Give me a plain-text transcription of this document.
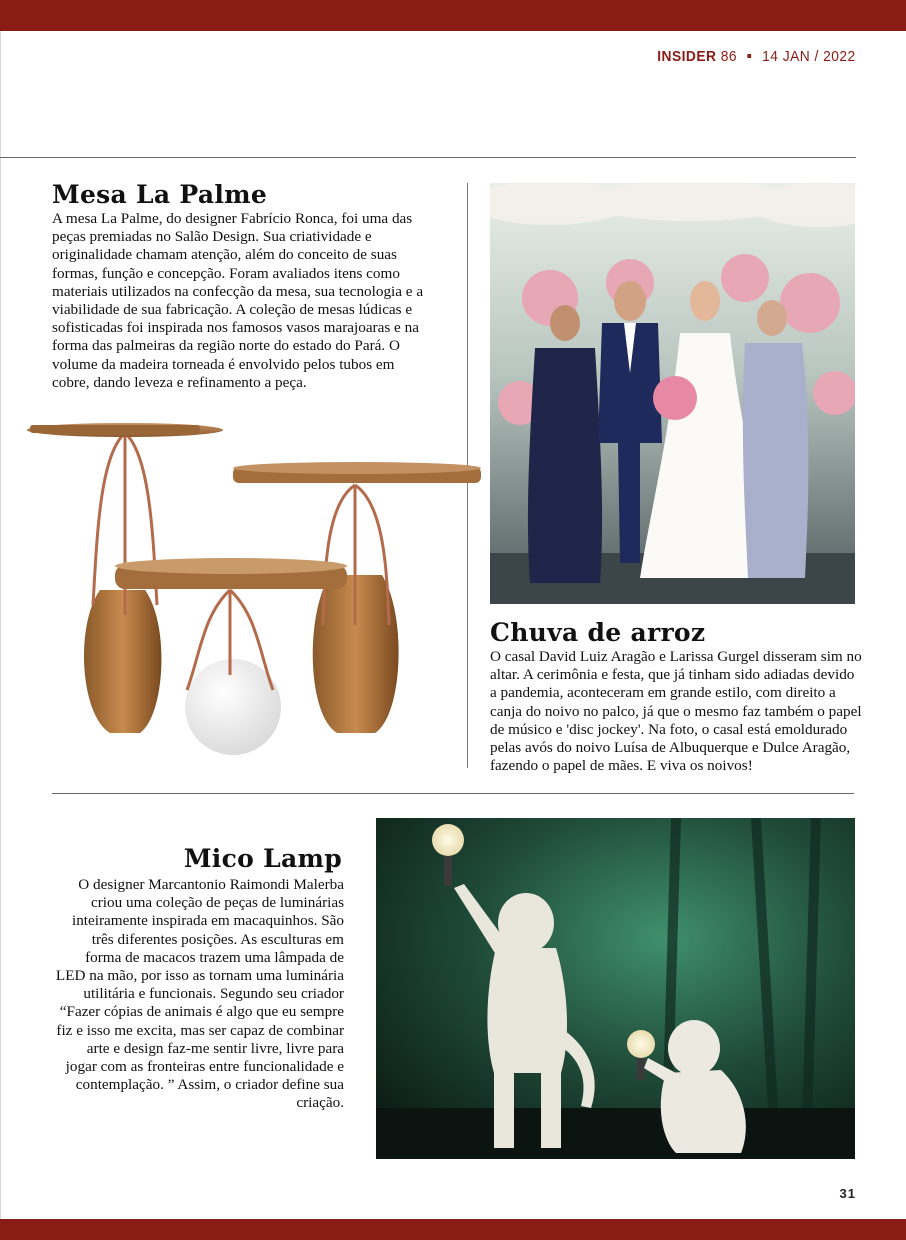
INSIDER 86 14 JAN / 2022
Mesa La Palme

A mesa La Palme, do designer Fabrício Ronca, foi uma das peças premiadas no Salão Design. Sua criatividade e originalidade chamam atenção, além do conceito de suas formas, função e concepção. Foram avaliados itens como materiais utilizados na confecção da mesa, sua tecnologia e a viabilidade de sua fabricação. A coleção de mesas lúdicas e sofisticadas foi inspirada nos famosos vasos marajoaras e na forma das palmeiras da região norte do estado do Pará. O volume da madeira torneada é envolvido pelos tubos em cobre, dando leveza e refinamento a peça.

Chuva de arroz

O casal David Luiz Aragão e Larissa Gurgel disseram sim no altar. A cerimônia e festa, que já tinham sido adiadas devido a pandemia, aconteceram em grande estilo, com direito a canja do noivo no palco, já que o mesmo faz também o papel de músico e 'disc jockey'. Na foto, o casal está emoldurado pelas avós do noivo Luísa de Albuquerque e Dulce Aragão, fazendo o papel de mães. E viva os noivos!

Mico Lamp

O designer Marcantonio Raimondi Malerba criou uma coleção de peças de luminárias inteiramente inspirada em macaquinhos. São três diferentes posições. As esculturas em forma de macacos trazem uma lâmpada de LED na mão, por isso as tornam uma luminária utilitária e funcionais. Segundo seu criador “Fazer cópias de animais é algo que eu sempre fiz e isso me excita, mas ser capaz de combinar arte e design faz-me sentir livre, livre para jogar com as fronteiras entre funcionalidade e contemplação. ” Assim, o criador define sua criação.

31
